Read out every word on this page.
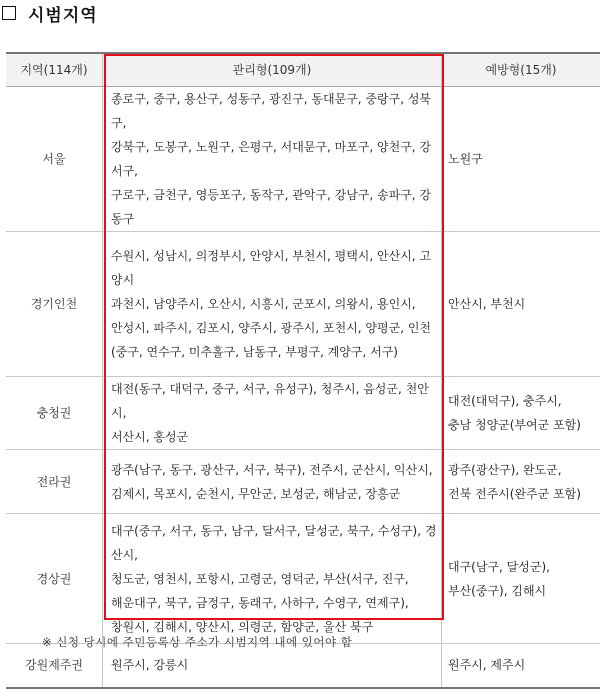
시범지역
지역(114개)	관리형(109개)	예방형(15개)
서울	종로구, 중구, 용산구, 성동구, 광진구, 동대문구, 중랑구, 성북구,
강북구, 도봉구, 노원구, 은평구, 서대문구, 마포구, 양천구, 강서구,
구로구, 금천구, 영등포구, 동작구, 관악구, 강남구, 송파구, 강동구	노원구

경기인천	수원시, 성남시, 의정부시, 안양시, 부천시, 평택시, 안산시, 고양시
과천시, 남양주시, 오산시, 시흥시, 군포시, 의왕시, 용인시,
안성시, 파주시, 김포시, 양주시, 광주시, 포천시, 양평군, 인천
(중구, 연수구, 미추홀구, 남동구, 부평구, 계양구, 서구)	안산시, 부천시

충청권	대전(동구, 대덕구, 중구, 서구, 유성구), 청주시, 음성군, 천안시,
서산시, 홍성군	대전(대덕구), 충주시,
충남 청양군(부여군 포함)

전라권	광주(남구, 동구, 광산구, 서구, 북구), 전주시, 군산시, 익산시,
김제시, 목포시, 순천시, 무안군, 보성군, 해남군, 장흥군	광주(광산구), 완도군,
전북 전주시(완주군 포함)

경상권	대구(중구, 서구, 동구, 남구, 달서구, 달성군, 북구, 수성구), 경산시,
청도군, 영천시, 포항시, 고령군, 영덕군, 부산(서구, 진구,
해운대구, 북구, 금정구, 동래구, 사하구, 수영구, 연제구),
창원시, 김해시, 양산시, 의령군, 함양군, 울산 북구	대구(남구, 달성군),
부산(중구), 김해시

강원제주권	원주시, 강릉시	원주시, 제주시
※ 신청 당시에 주민등록상 주소가 시범지역 내에 있어야 함
